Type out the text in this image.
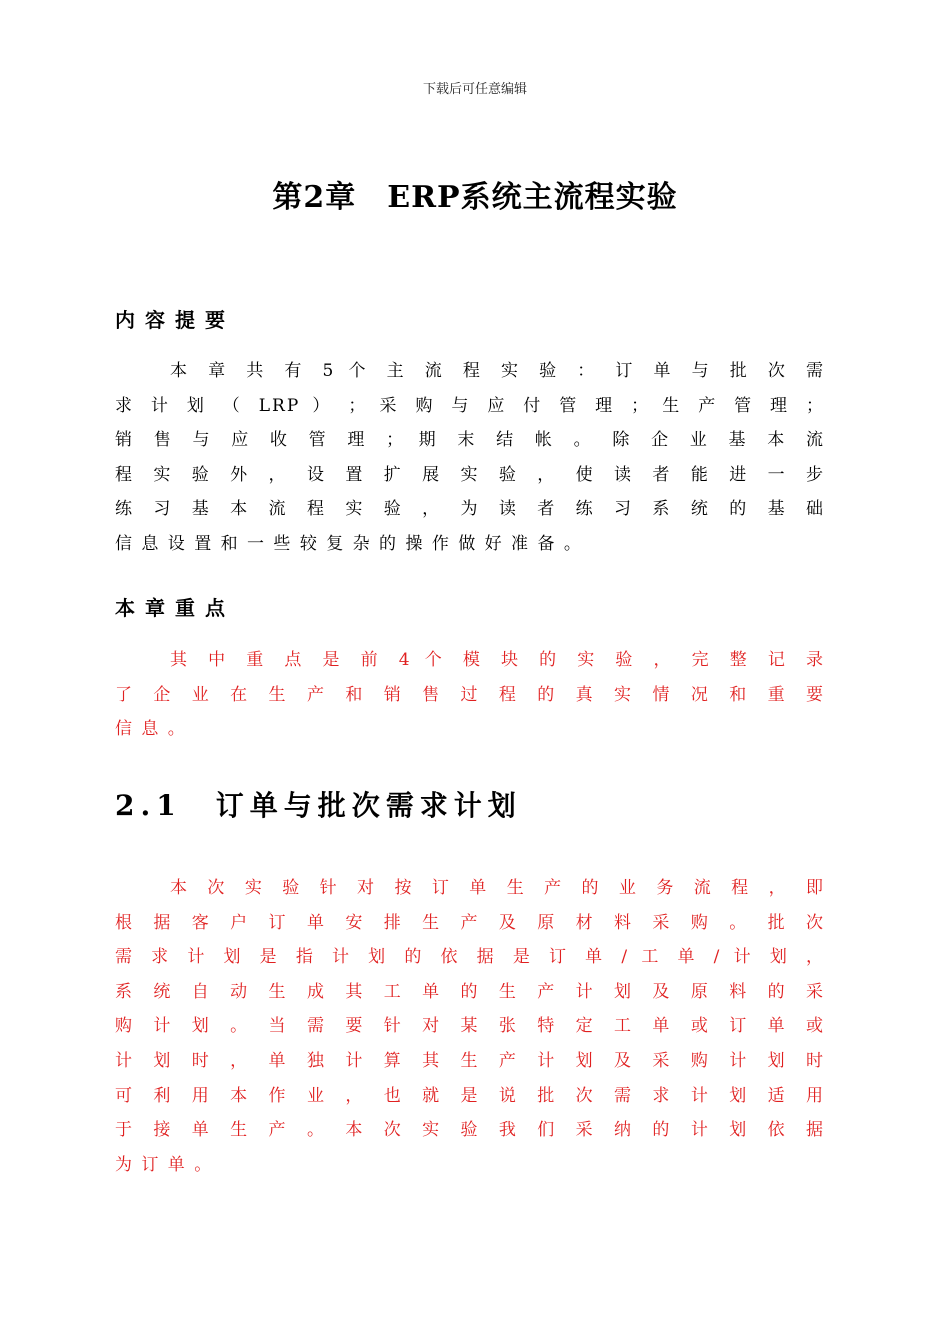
下载后可任意编辑
第2章　ERP系统主流程实验
内容提要
本 章 共 有 5 个 主 流 程 实 验 ： 订 单 与 批 次 需
求 计 划 （ LRP ） ； 采 购 与 应 付 管 理 ； 生 产 管 理 ；
销 售 与 应 收 管 理 ； 期 末 结 帐 。 除 企 业 基 本 流
程 实 验 外 ， 设 置 扩 展 实 验 ， 使 读 者 能 进 一 步
练 习 基 本 流 程 实 验 ， 为 读 者 练 习 系 统 的 基 础
信 息 设 置 和 一 些 较 复 杂 的 操 作 做 好 准 备 。
本章重点
其 中 重 点 是 前 4 个 模 块 的 实 验 ， 完 整 记 录
了 企 业 在 生 产 和 销 售 过 程 的 真 实 情 况 和 重 要
信 息 。
2.1　订单与批次需求计划
本 次 实 验 针 对 按 订 单 生 产 的 业 务 流 程 ， 即
根 据 客 户 订 单 安 排 生 产 及 原 材 料 采 购 。 批 次
需 求 计 划 是 指 计 划 的 依 据 是 订 单 / 工 单 / 计 划 ，
系 统 自 动 生 成 其 工 单 的 生 产 计 划 及 原 料 的 采
购 计 划 。 当 需 要 针 对 某 张 特 定 工 单 或 订 单 或
计 划 时 ， 单 独 计 算 其 生 产 计 划 及 采 购 计 划 时
可 利 用 本 作 业 ， 也 就 是 说 批 次 需 求 计 划 适 用
于 接 单 生 产 。 本 次 实 验 我 们 采 纳 的 计 划 依 据
为 订 单 。
